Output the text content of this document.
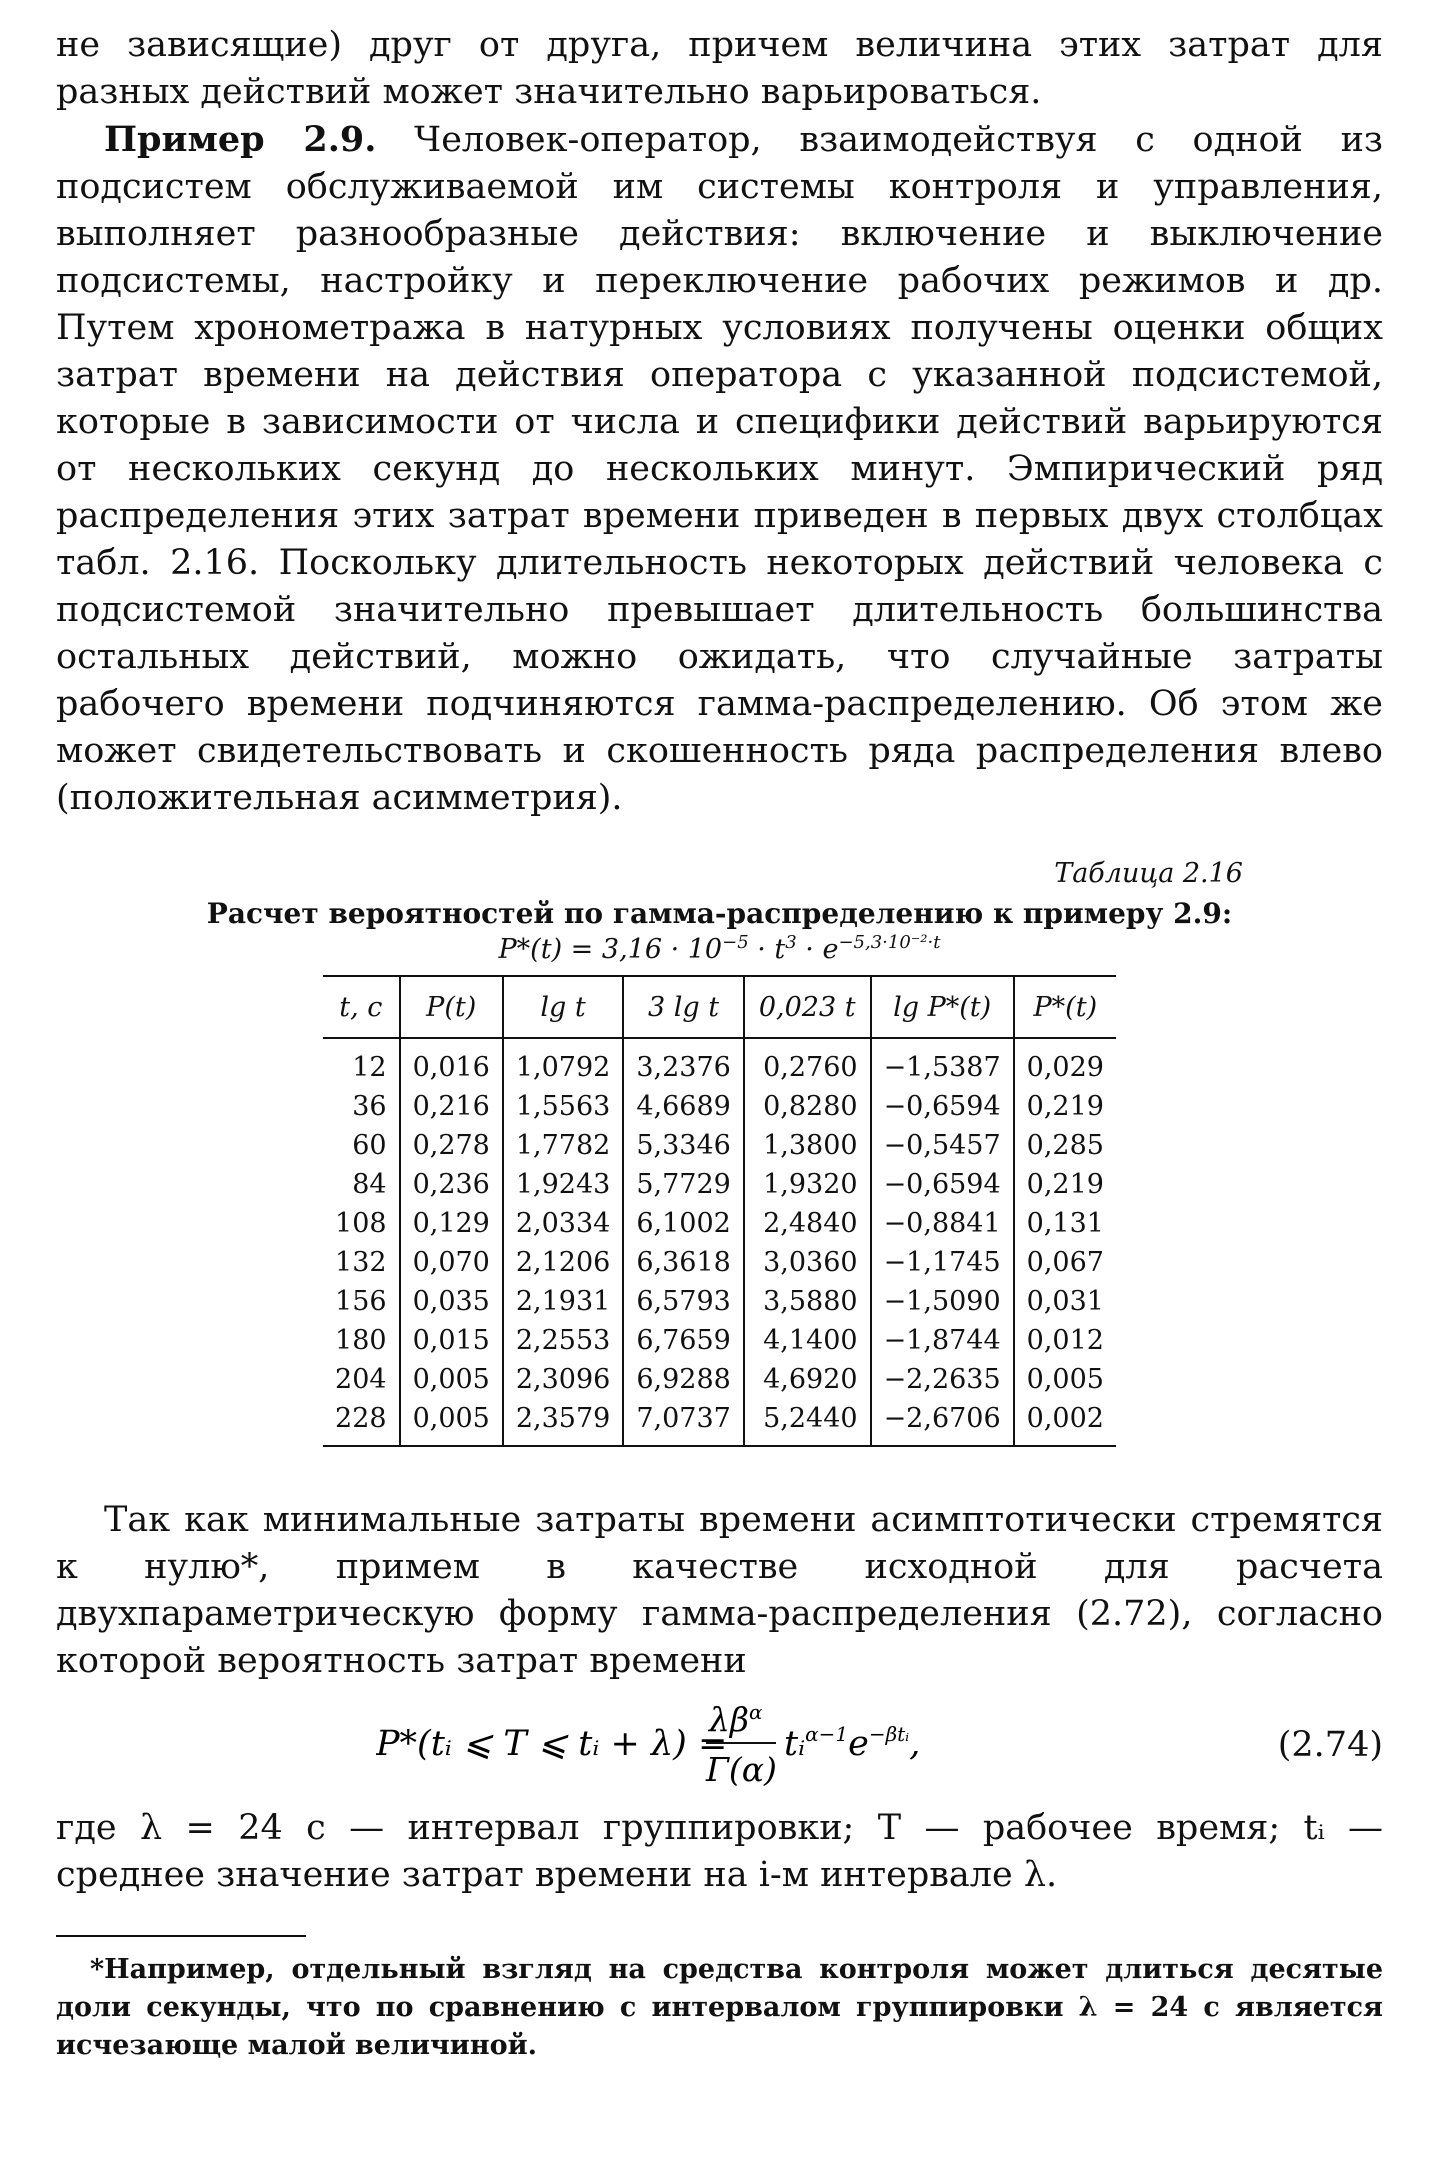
не зависящие) друг от друга, причем величина этих затрат для разных действий может значительно варьироваться.

Пример 2.9. Человек-оператор, взаимодействуя с одной из подсистем обслуживаемой им системы контроля и управления, выполняет разнообразные действия: включение и выключение подсистемы, настройку и переключение рабочих режимов и др. Путем хронометража в натурных условиях получены оценки общих затрат времени на действия оператора с указанной подсистемой, которые в зависимости от числа и специфики действий варьируются от нескольких секунд до нескольких минут. Эмпирический ряд распределения этих затрат времени приведен в первых двух столбцах табл. 2.16. Поскольку длительность некоторых действий человека с подсистемой значительно превышает длительность большинства остальных действий, можно ожидать, что случайные затраты рабочего времени подчиняются гамма-распределению. Об этом же может свидетельствовать и скошенность ряда распределения влево (положительная асимметрия).

Таблица 2.16
Расчет вероятностей по гамма-распределению к примеру 2.9:
$P*(t) = 3,16 \cdot 10^{-5} \cdot t^3 \cdot e^{-5,3\cdot 10^{-2}\cdot t}$
t, c	P(t)	lg t	3 lg t	0,023 t	lg P*(t)	P*(t)
12	0,016	1,0792	3,2376	0,2760	−1,5387	0,029
36	0,216	1,5563	4,6689	0,8280	−0,6594	0,219
60	0,278	1,7782	5,3346	1,3800	−0,5457	0,285
84	0,236	1,9243	5,7729	1,9320	−0,6594	0,219
108	0,129	2,0334	6,1002	2,4840	−0,8841	0,131
132	0,070	2,1206	6,3618	3,0360	−1,1745	0,067
156	0,035	2,1931	6,5793	3,5880	−1,5090	0,031
180	0,015	2,2553	6,7659	4,1400	−1,8744	0,012
204	0,005	2,3096	6,9288	4,6920	−2,2635	0,005
228	0,005	2,3579	7,0737	5,2440	−2,6706	0,002

Так как минимальные затраты времени асимптотически стремятся к нулю*, примем в качестве исходной для расчета двухпараметрическую форму гамма-распределения (2.72), согласно которой вероятность затрат времени

P*(tᵢ ⩽ T ⩽ tᵢ + λ) =
$\lambda\beta^\alpha$
Γ(α)
$tᵢ^{\alpha-1}e^{-\beta tᵢ}$,	(2.74)

где λ = 24 с — интервал группировки; T — рабочее время; tᵢ — среднее значение затрат времени на i-м интервале λ.

*Например, отдельный взгляд на средства контроля может длиться десятые доли секунды, что по сравнению с интервалом группировки λ = 24 с является исчезающе малой величиной.
